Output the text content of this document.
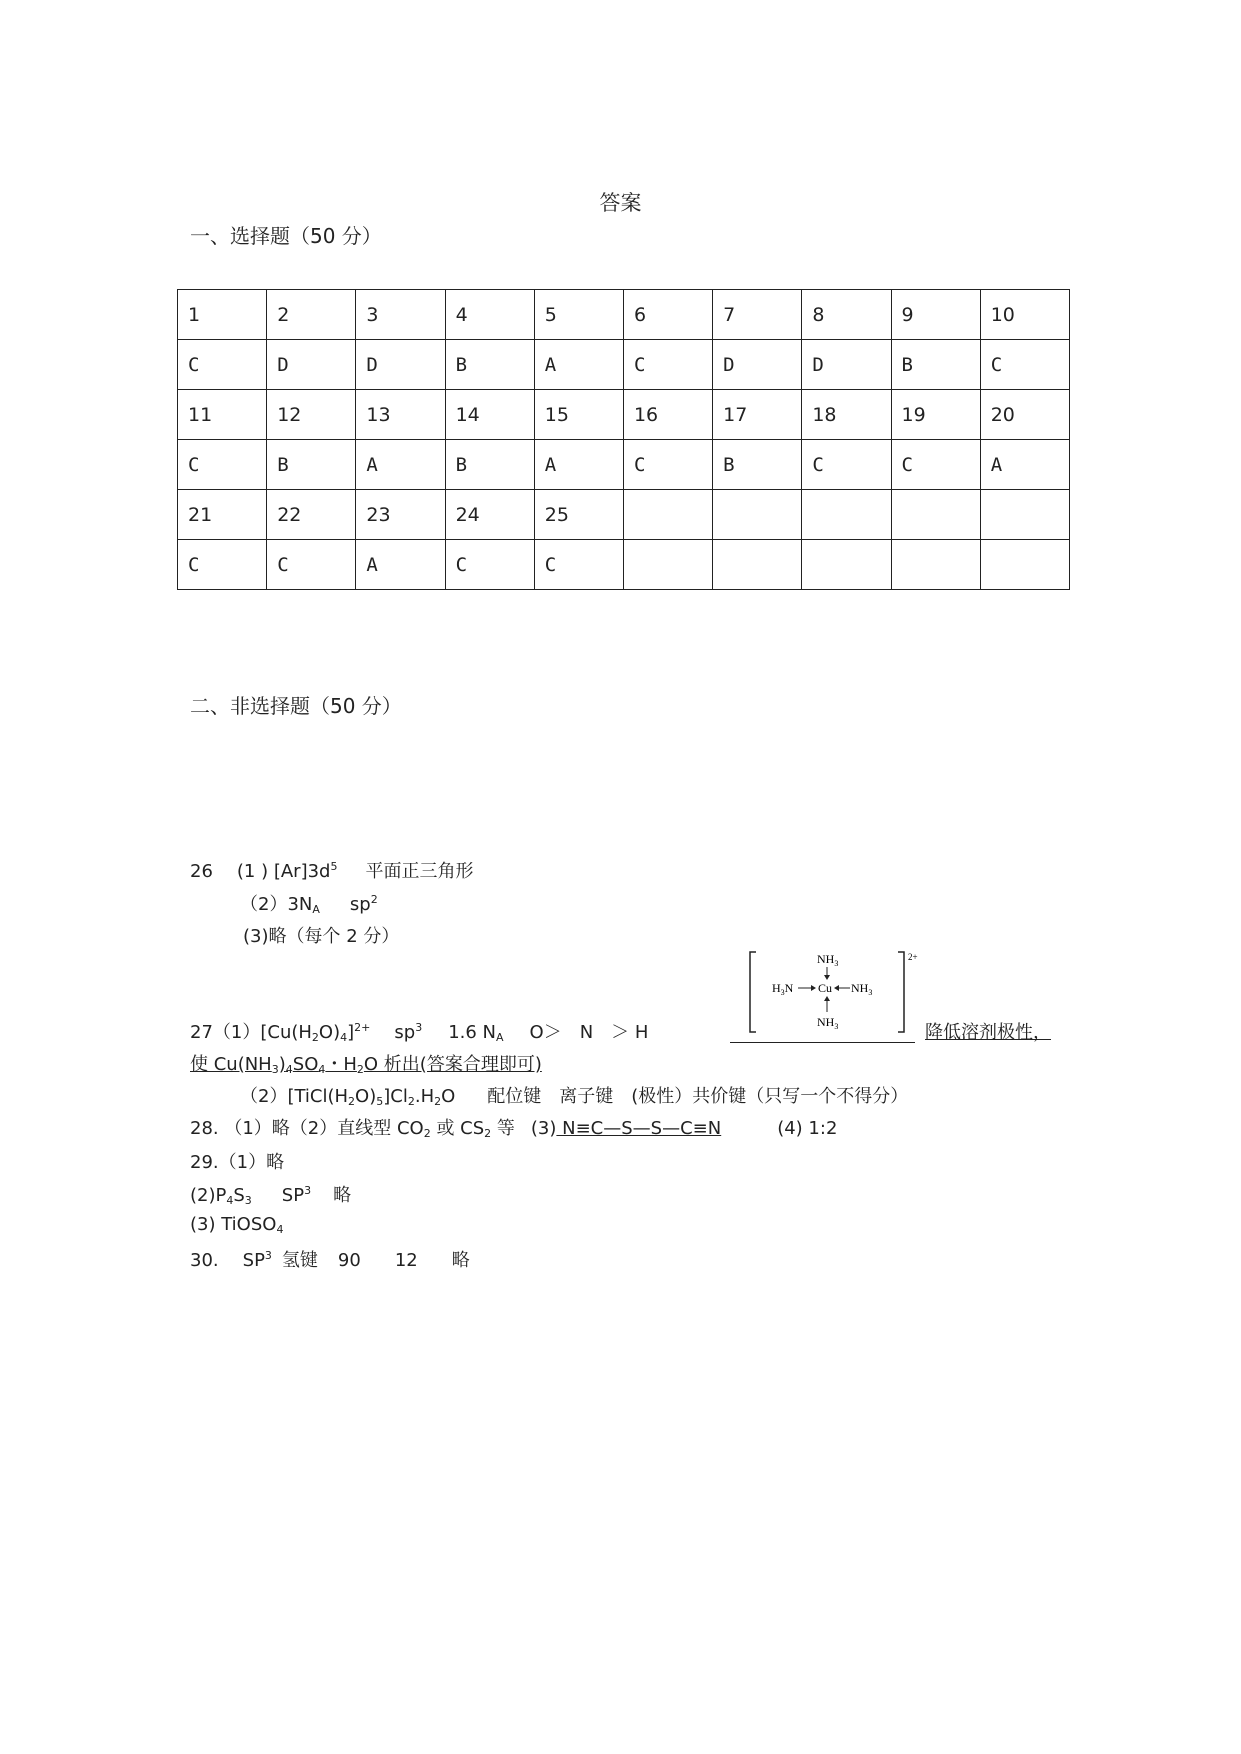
答案
一、选择题（50 分）
1	2	3	4	5	6	7	8	9	10
C	D	D	B	A	C	D	D	B	C
11	12	13	14	15	16	17	18	19	20
C	B	A	B	A	C	B	C	C	A
21	22	23	24	25					
C	C	A	C	C					
二、非选择题（50 分）
26 (1 ) $[Ar]3d^5$ 平面正三角形
$(2)3N_A$ $sp^2$
(3)略（每个 2 分）
2+
$NH_3$
$H_3N$ Cu $NH_3$
$NH_3$
$27(1)[Cu(H_2O)_4]^{2+}$ $sp^3$ 1.6 $N_A$ O＞　N　＞ H	降低溶剂极性，
使 $Cu(NH_3)_4SO_4$・$H_2O$ 析出(答案合理即可)
$(2)[TiCl(H_2O)_5]Cl_2.H_2O$ 配位键　离子键　(极性）共价键（只写一个不得分）
28. （1）略（2）直线型 $CO_2$ 或 $CS_2$ 等 (3) N≡C—S—S—C≡N	(4) 1:2
29.（1）略
$(2)P_4S_3$ $SP^3$ 略
(3) TiOSO$_4$
30. $SP^3$ 氢键 90 12 略
